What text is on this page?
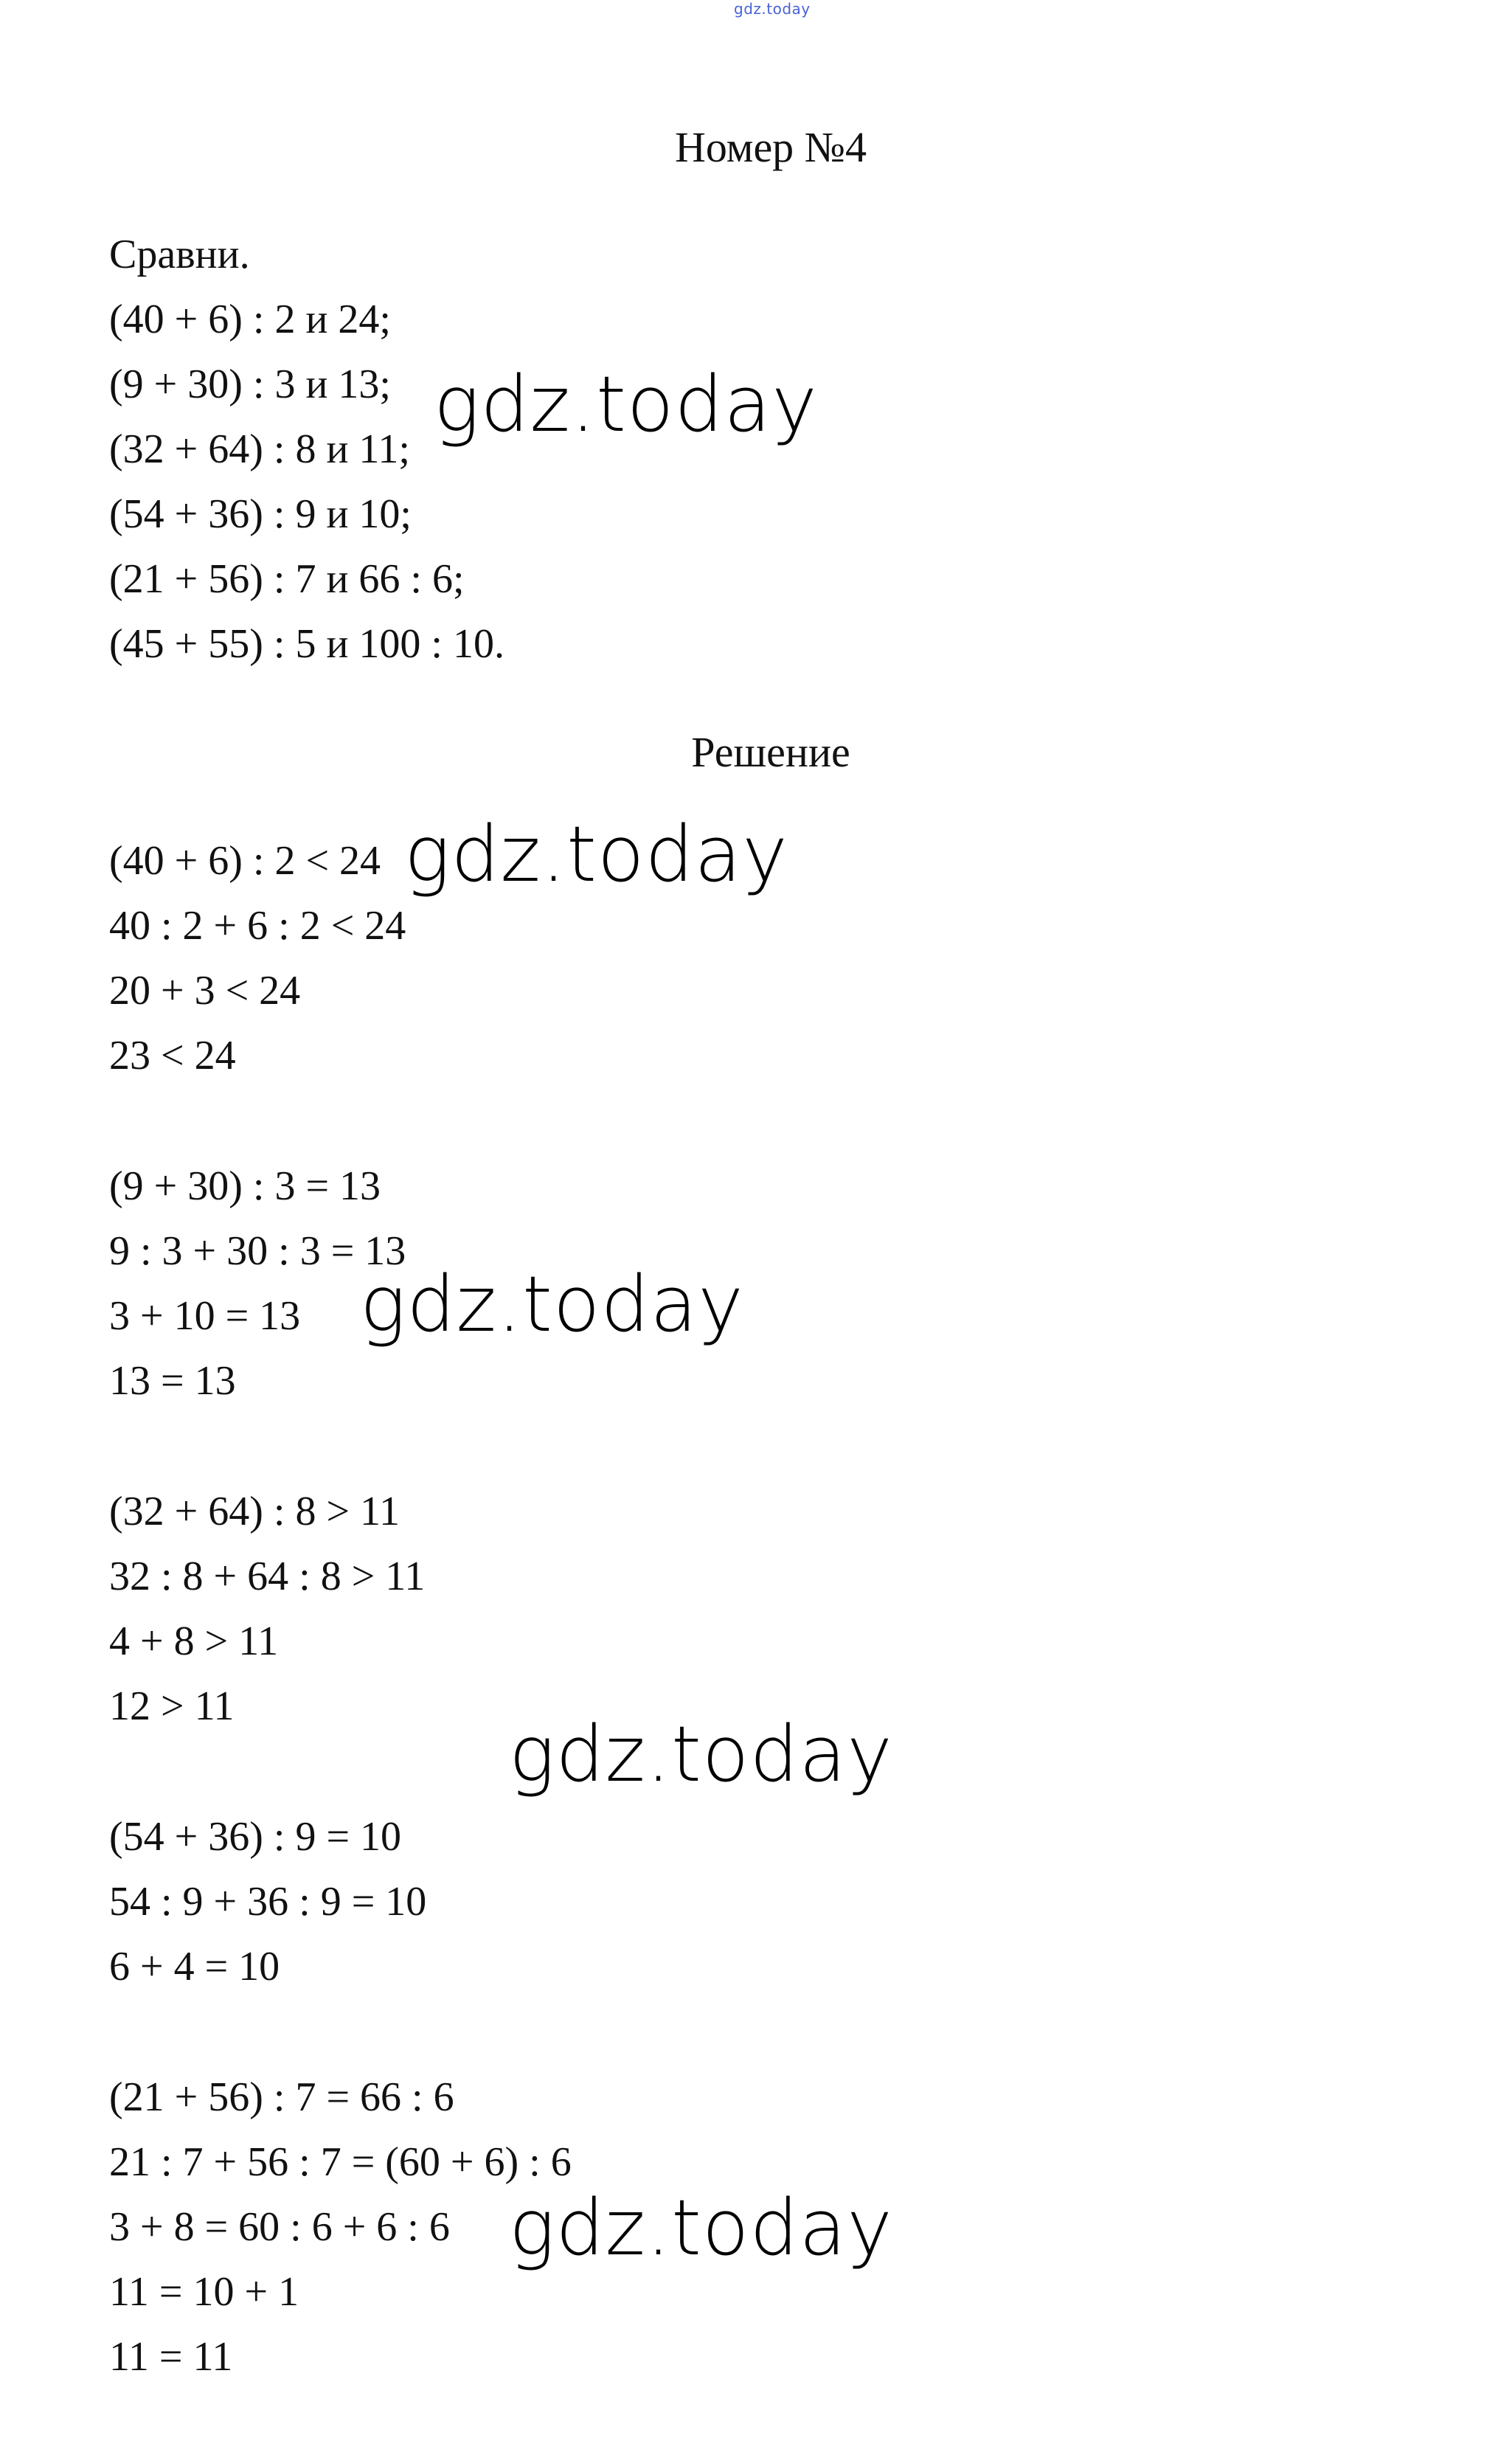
gdz.today
Номер №4
Сравни.
(40 + 6) : 2 и 24;
(9 + 30) : 3 и 13;
(32 + 64) : 8 и 11;
(54 + 36) : 9 и 10;
(21 + 56) : 7 и 66 : 6;
(45 + 55) : 5 и 100 : 10.
Решение
(40 + 6) : 2 < 24
40 : 2 + 6 : 2 < 24
20 + 3 < 24
23 < 24
(9 + 30) : 3 = 13
9 : 3 + 30 : 3 = 13
3 + 10 = 13
13 = 13
(32 + 64) : 8 > 11
32 : 8 + 64 : 8 > 11
4 + 8 > 11
12 > 11
(54 + 36) : 9 = 10
54 : 9 + 36 : 9 = 10
6 + 4 = 10
(21 + 56) : 7 = 66 : 6
21 : 7 + 56 : 7 = (60 + 6) : 6
3 + 8 = 60 : 6 + 6 : 6
11 = 10 + 1
11 = 11
gdz.today
gdz.today
gdz.today
gdz.today
gdz.today
